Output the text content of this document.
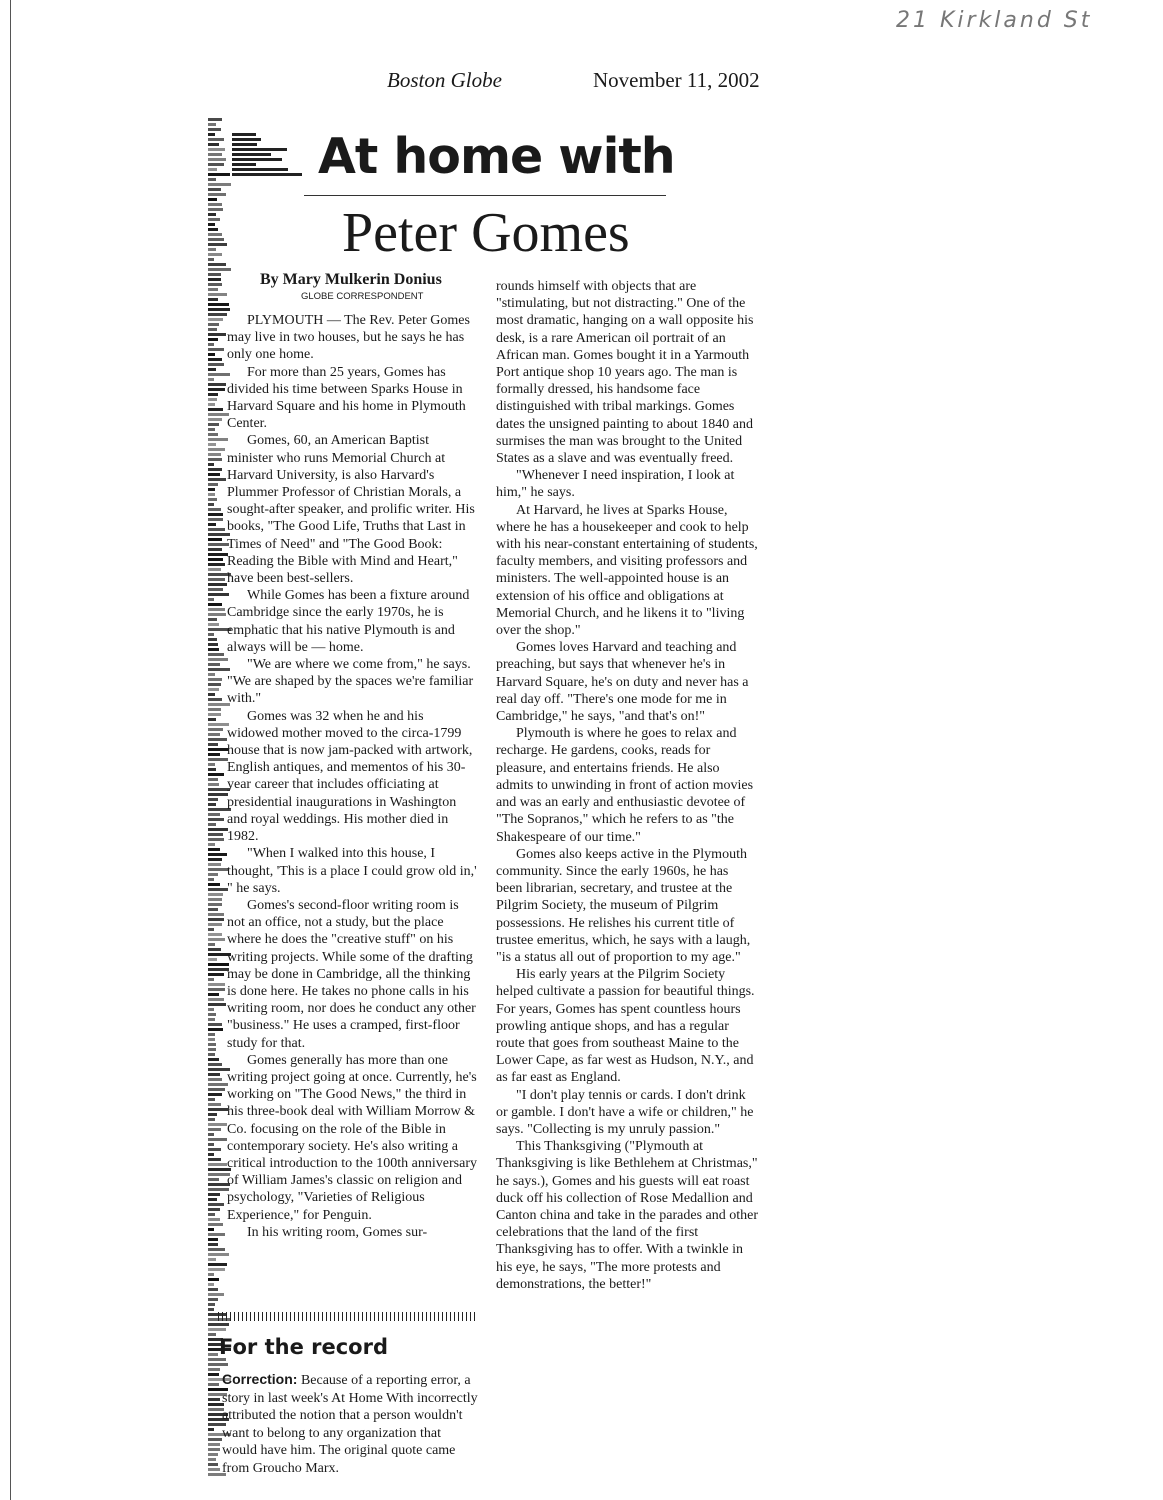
21 Kirkland St
Boston Globe	November 11, 2002
At home with
Peter Gomes
By Mary Mulkerin Donius
GLOBE CORRESPONDENT

PLYMOUTH — The Rev. Peter Gomes may live in two houses, but he says he has only one home.

For more than 25 years, Gomes has divided his time between Sparks House in Harvard Square and his home in Plymouth Center.

Gomes, 60, an American Baptist minister who runs Memorial Church at Harvard University, is also Harvard's Plummer Professor of Christian Morals, a sought-after speaker, and prolific writer. His books, "The Good Life, Truths that Last in Times of Need" and "The Good Book: Reading the Bible with Mind and Heart," have been best-sellers.

While Gomes has been a fixture around Cambridge since the early 1970s, he is emphatic that his native Plymouth is and always will be — home.

"We are where we come from," he says. "We are shaped by the spaces we're familiar with."

Gomes was 32 when he and his widowed mother moved to the circa-1799 house that is now jam-packed with artwork, English antiques, and mementos of his 30-year career that includes officiating at presidential inaugurations in Washington and royal weddings. His mother died in 1982.

"When I walked into this house, I thought, 'This is a place I could grow old in,' " he says.

Gomes's second-floor writing room is not an office, not a study, but the place where he does the "creative stuff" on his writing projects. While some of the drafting may be done in Cambridge, all the thinking is done here. He takes no phone calls in his writing room, nor does he conduct any other "business." He uses a cramped, first-floor study for that.

Gomes generally has more than one writing project going at once. Currently, he's working on "The Good News," the third in his three-book deal with William Morrow & Co. focusing on the role of the Bible in contemporary society. He's also writing a critical introduction to the 100th anniversary of William James's classic on religion and psychology, "Varieties of Religious Experience," for Penguin.

In his writing room, Gomes sur-

rounds himself with objects that are "stimulating, but not distracting." One of the most dramatic, hanging on a wall opposite his desk, is a rare American oil portrait of an African man. Gomes bought it in a Yarmouth Port antique shop 10 years ago. The man is formally dressed, his handsome face distinguished with tribal markings. Gomes dates the unsigned painting to about 1840 and surmises the man was brought to the United States as a slave and was eventually freed.

"Whenever I need inspiration, I look at him," he says.

At Harvard, he lives at Sparks House, where he has a housekeeper and cook to help with his near-constant entertaining of students, faculty members, and visiting professors and ministers. The well-appointed house is an extension of his office and obligations at Memorial Church, and he likens it to "living over the shop."

Gomes loves Harvard and teaching and preaching, but says that whenever he's in Harvard Square, he's on duty and never has a real day off. "There's one mode for me in Cambridge," he says, "and that's on!"

Plymouth is where he goes to relax and recharge. He gardens, cooks, reads for pleasure, and entertains friends. He also admits to unwinding in front of action movies and was an early and enthusiastic devotee of "The Sopranos," which he refers to as "the Shakespeare of our time."

Gomes also keeps active in the Plymouth community. Since the early 1960s, he has been librarian, secretary, and trustee at the Pilgrim Society, the museum of Pilgrim possessions. He relishes his current title of trustee emeritus, which, he says with a laugh, "is a status all out of proportion to my age."

His early years at the Pilgrim Society helped cultivate a passion for beautiful things. For years, Gomes has spent countless hours prowling antique shops, and has a regular route that goes from southeast Maine to the Lower Cape, as far west as Hudson, N.Y., and as far east as England.

"I don't play tennis or cards. I don't drink or gamble. I don't have a wife or children," he says. "Collecting is my unruly passion."

This Thanksgiving ("Plymouth at Thanksgiving is like Bethlehem at Christmas," he says.), Gomes and his guests will eat roast duck off his collection of Rose Medallion and Canton china and take in the parades and other celebrations that the land of the first Thanksgiving has to offer. With a twinkle in his eye, he says, "The more protests and demonstrations, the better!"

For the record

Correction: Because of a reporting error, a story in last week's At Home With incorrectly attributed the notion that a person wouldn't want to belong to any organization that would have him. The original quote came from Groucho Marx.
